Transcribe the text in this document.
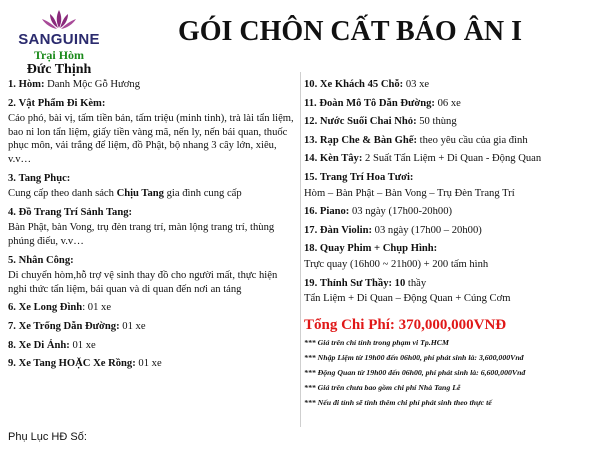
SANGUINE
Trại Hòm
Đức Thịnh
GÓI CHÔN CẤT BÁO ÂN I
1. Hòm: Danh Mộc Gỗ Hương
2. Vật Phẩm Đi Kèm:
Cáo phó, bài vị, tấm tiền bản, tấm triệu (minh tinh), trà lài tẩn liệm, bao ni lon tẩn liệm, giấy tiền vàng mã, nến ly, nến bái quan, thuốc phục môn, vải trắng để liệm, đồ Phật, bộ nhang 3 cây lớn, xiêu, v.v…
3. Tang Phục:
Cung cấp theo danh sách Chịu Tang gia đình cung cấp
4. Đồ Trang Trí Sảnh Tang:
Bàn Phật, bàn Vong, trụ đèn trang trí, màn lộng trang trí, thùng phúng điếu, v.v…
5. Nhân Công:
Di chuyển hòm,hỗ trợ vệ sinh thay đồ cho người mất, thực hiện nghi thức tẩn liệm, bái quan và di quan đến nơi an táng
6. Xe Long Đình: 01 xe
7. Xe Trống Dẫn Đường: 01 xe
8. Xe Di Ảnh: 01 xe
9. Xe Tang HOẶC Xe Rồng: 01 xe
10. Xe Khách 45 Chỗ: 03 xe
11. Đoàn Mô Tô Dẫn Đường: 06 xe
12. Nước Suối Chai Nhỏ: 50 thùng
13. Rạp Che & Bàn Ghế: theo yêu cầu của gia đình
14. Kèn Tây: 2 Suất Tẩn Liệm + Di Quan - Động Quan
15. Trang Trí Hoa Tươi:
Hòm – Bàn Phật – Bàn Vong – Trụ Đèn Trang Trí
16. Piano: 03 ngày (17h00-20h00)
17. Đàn Violin: 03 ngày (17h00 – 20h00)
18. Quay Phim + Chụp Hình:
Trực quay (16h00 ~ 21h00) + 200 tấm hình
19. Thỉnh Sư Thầy: 10 thầy
Tẩn Liệm + Di Quan – Động Quan + Cúng Cơm
Tổng Chi Phí: 370,000,000VNĐ
*** Giá trên chỉ tính trong phạm vi Tp.HCM
*** Nhập Liệm từ 19h00 đến 06h00, phí phát sinh là: 3,600,000Vnđ
*** Động Quan từ 19h00 đến 06h00, phí phát sinh là: 6,600,000Vnđ
*** Giá trên chưa bao gồm chi phí Nhà Tang Lễ
*** Nếu đi tỉnh sẽ tính thêm chi phí phát sinh theo thực tế
Phụ Lục HĐ Số:
